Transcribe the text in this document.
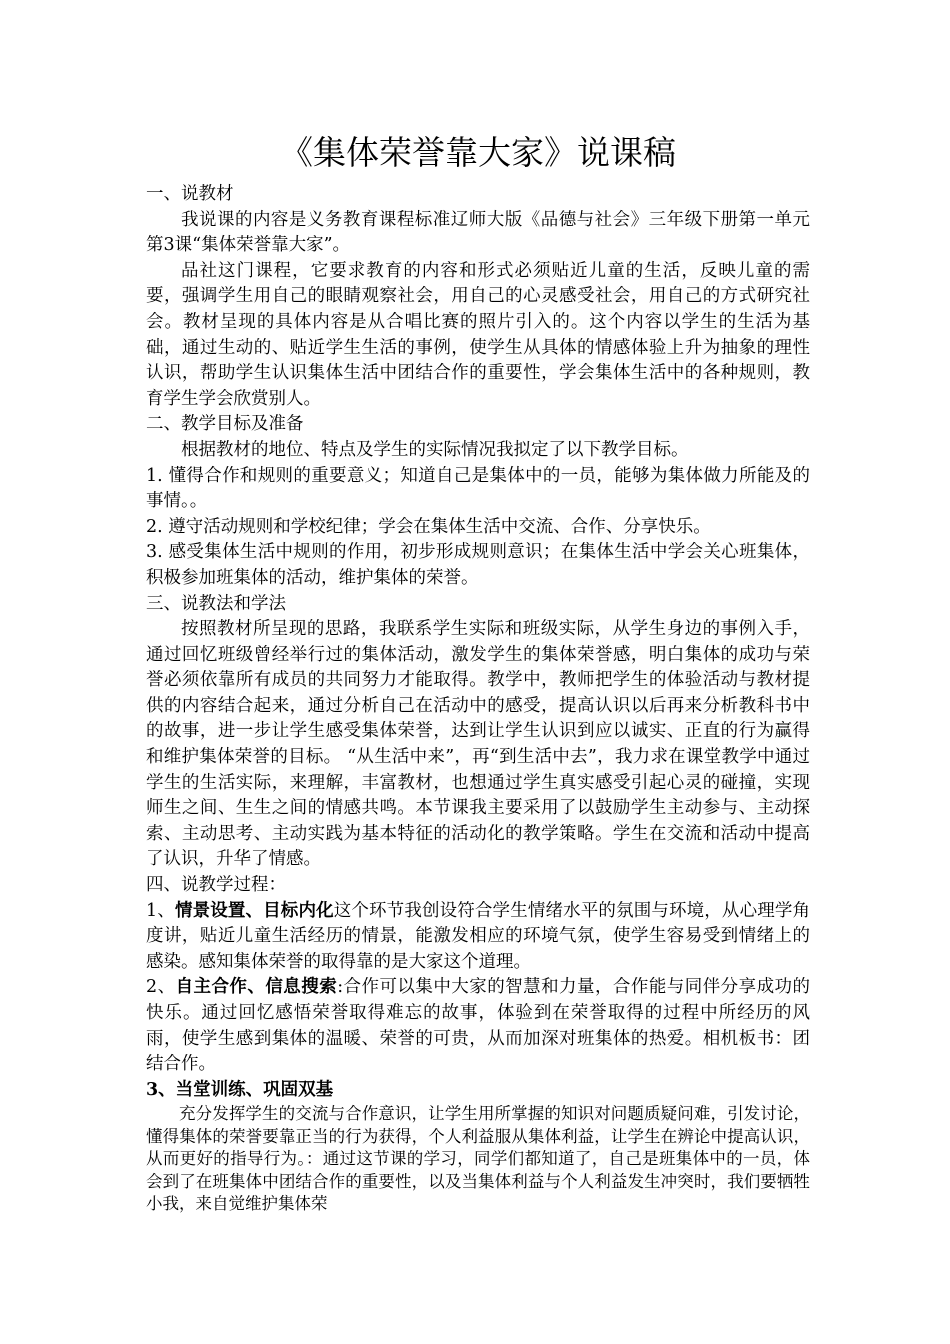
《集体荣誉靠大家》说课稿

一、说教材

我说课的内容是义务教育课程标准辽师大版《品德与社会》三年级下册第一单元第3课“集体荣誉靠大家”。

品社这门课程，它要求教育的内容和形式必须贴近儿童的生活，反映儿童的需要，强调学生用自己的眼睛观察社会，用自己的心灵感受社会，用自己的方式研究社会。教材呈现的具体内容是从合唱比赛的照片引入的。这个内容以学生的生活为基础，通过生动的、贴近学生生活的事例，使学生从具体的情感体验上升为抽象的理性认识，帮助学生认识集体生活中团结合作的重要性，学会集体生活中的各种规则，教育学生学会欣赏别人。

二、教学目标及准备

根据教材的地位、特点及学生的实际情况我拟定了以下教学目标。

1. 懂得合作和规则的重要意义；知道自己是集体中的一员，能够为集体做力所能及的事情。。

2. 遵守活动规则和学校纪律；学会在集体生活中交流、合作、分享快乐。

3. 感受集体生活中规则的作用，初步形成规则意识；在集体生活中学会关心班集体，积极参加班集体的活动，维护集体的荣誉。

三、说教法和学法

按照教材所呈现的思路，我联系学生实际和班级实际，从学生身边的事例入手，通过回忆班级曾经举行过的集体活动，激发学生的集体荣誉感，明白集体的成功与荣誉必须依靠所有成员的共同努力才能取得。教学中，教师把学生的体验活动与教材提供的内容结合起来，通过分析自己在活动中的感受，提高认识以后再来分析教科书中的故事，进一步让学生感受集体荣誉，达到让学生认识到应以诚实、正直的行为赢得和维护集体荣誉的目标。 “从生活中来”，再“到生活中去”，我力求在课堂教学中通过学生的生活实际，来理解，丰富教材，也想通过学生真实感受引起心灵的碰撞，实现师生之间、生生之间的情感共鸣。本节课我主要采用了以鼓励学生主动参与、主动探索、主动思考、主动实践为基本特征的活动化的教学策略。学生在交流和活动中提高了认识，升华了情感。

四、说教学过程：

1、情景设置、目标内化这个环节我创设符合学生情绪水平的氛围与环境，从心理学角度讲，贴近儿童生活经历的情景，能激发相应的环境气氛，使学生容易受到情绪上的感染。感知集体荣誉的取得靠的是大家这个道理。

2、自主合作、信息搜索:合作可以集中大家的智慧和力量，合作能与同伴分享成功的快乐。通过回忆感悟荣誉取得难忘的故事，体验到在荣誉取得的过程中所经历的风雨，使学生感到集体的温暖、荣誉的可贵，从而加深对班集体的热爱。相机板书：团结合作。

3、当堂训练、巩固双基

充分发挥学生的交流与合作意识，让学生用所掌握的知识对问题质疑问难，引发讨论，懂得集体的荣誉要靠正当的行为获得，个人利益服从集体利益，让学生在辨论中提高认识，从而更好的指导行为。：通过这节课的学习，同学们都知道了，自己是班集体中的一员，体会到了在班集体中团结合作的重要性，以及当集体利益与个人利益发生冲突时，我们要牺牲小我，来自觉维护集体荣
